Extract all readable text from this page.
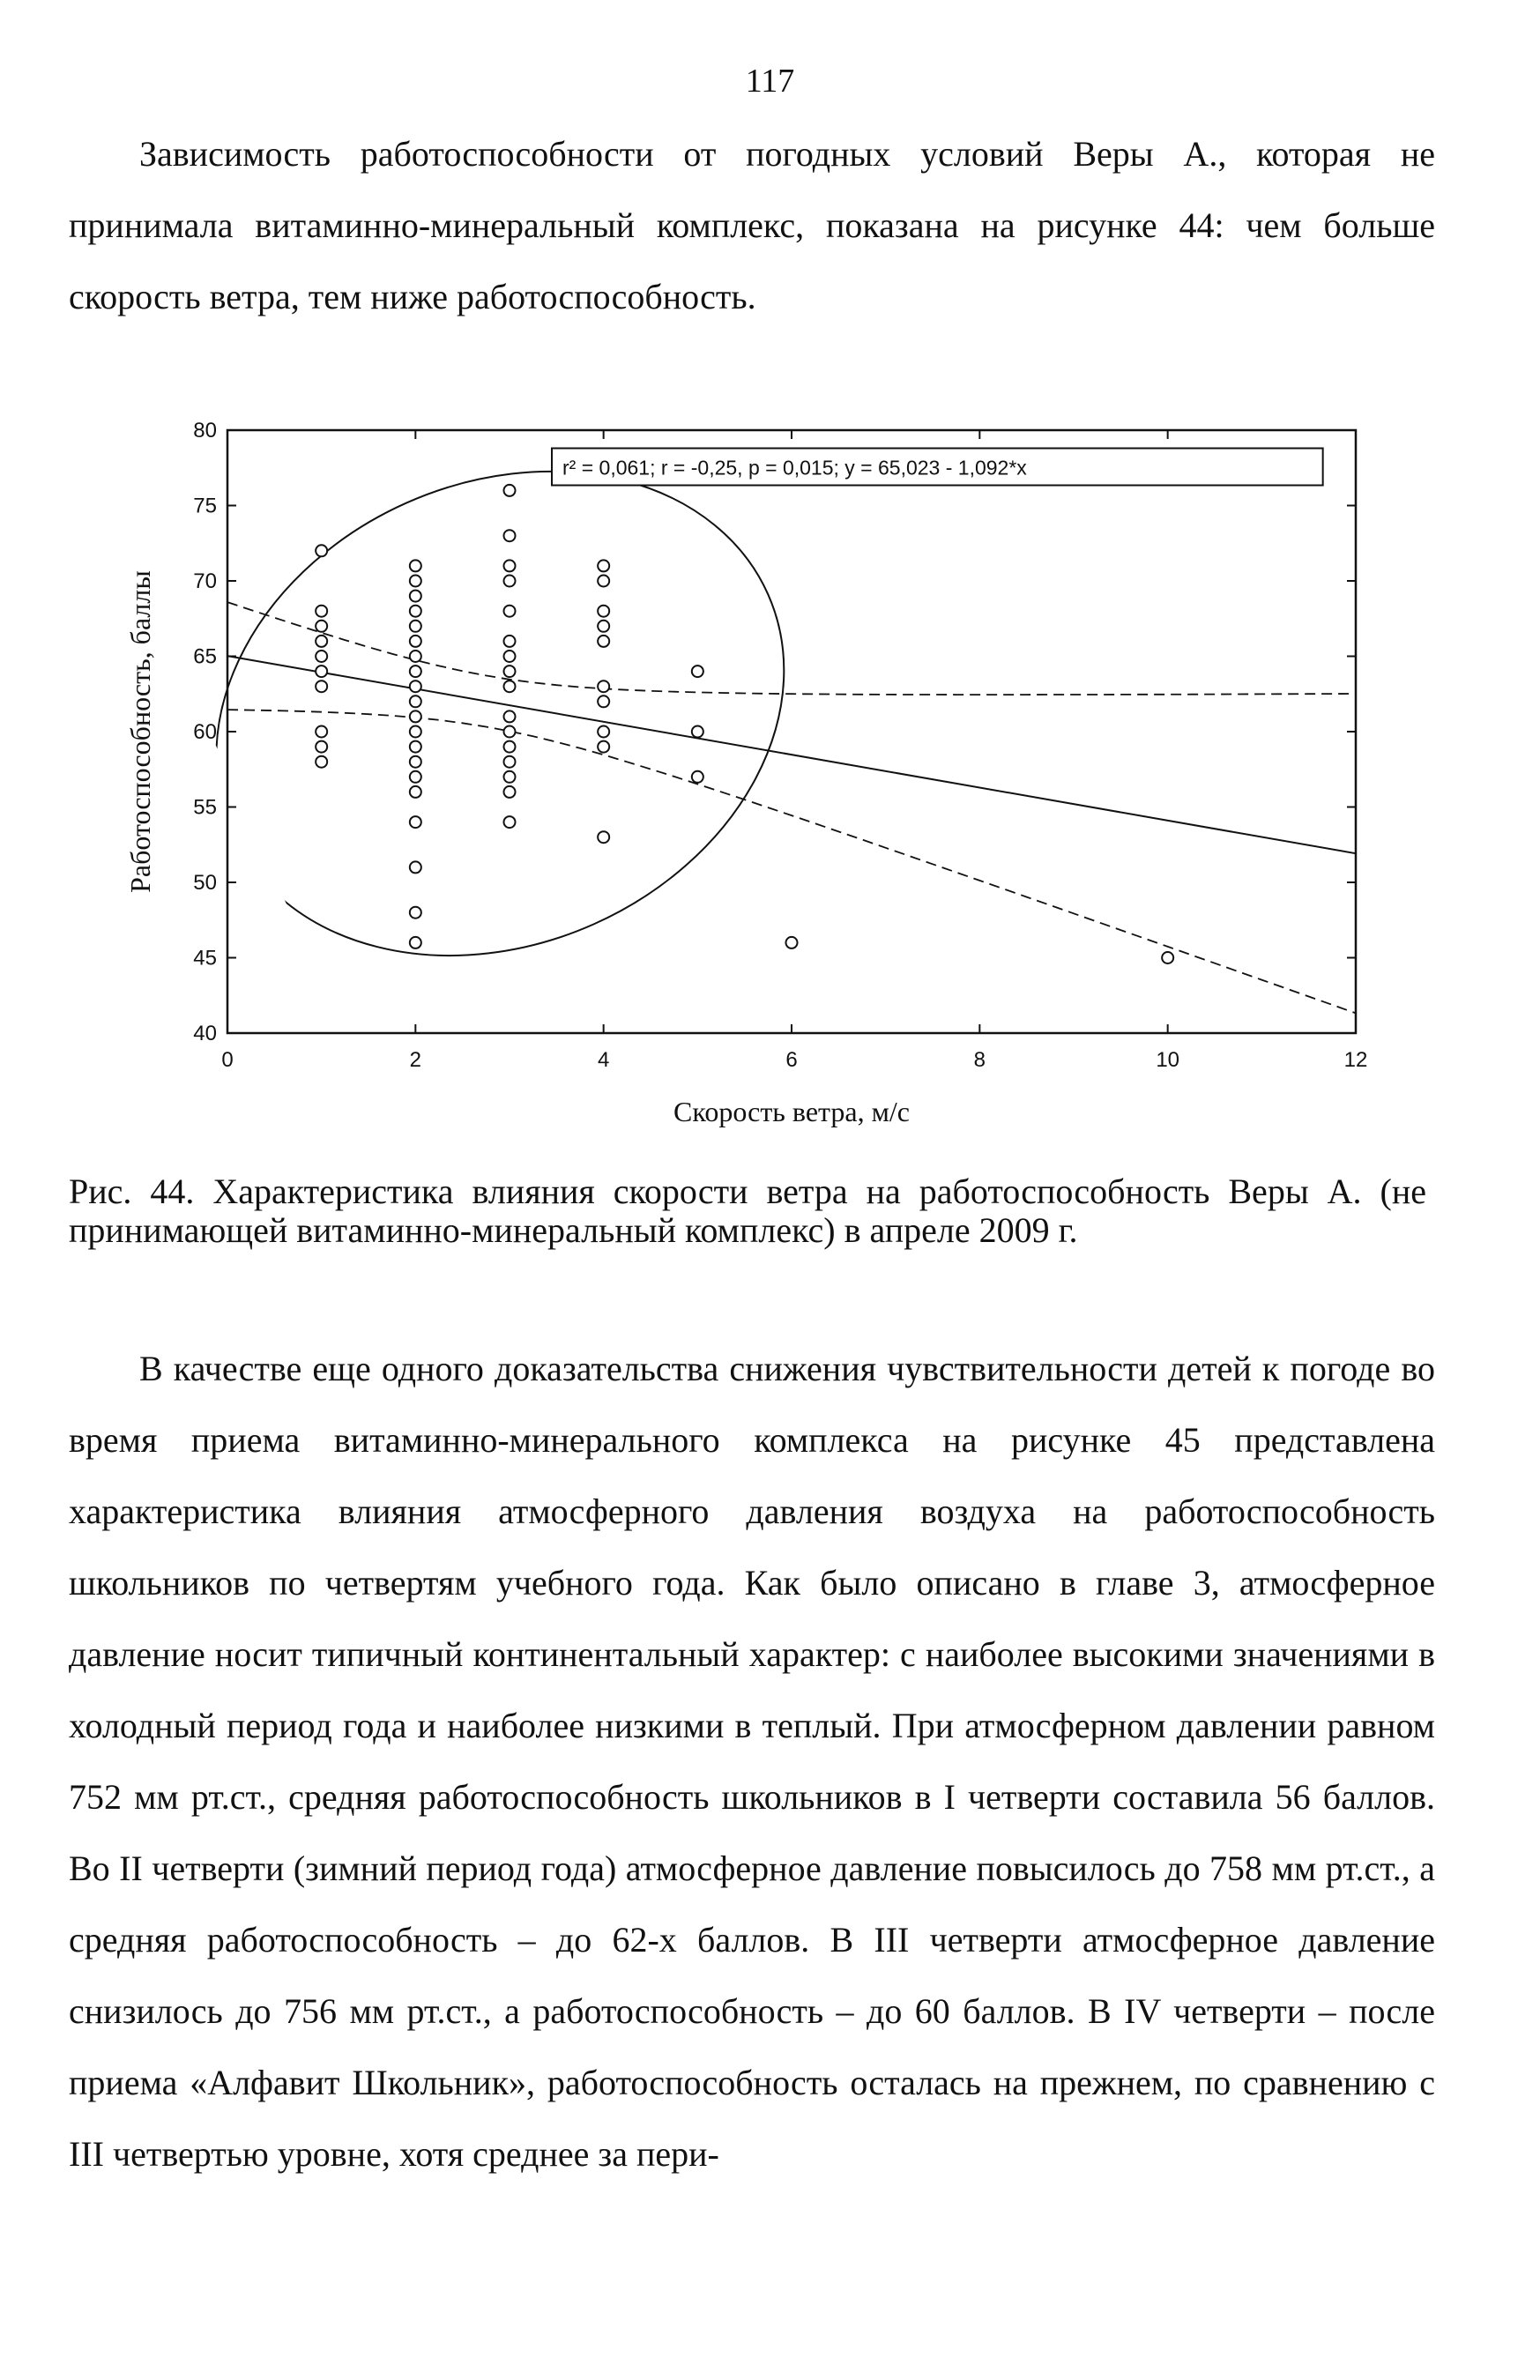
117

Зависимость работоспособности от погодных условий Веры А., которая не принимала витаминно-минеральный комплекс, показана на рисунке 44: чем больше скорость ветра, тем ниже работоспособность.

0	2	4	6	8	10	12
40
45
50
55
60
65
70
75
80
Скорость ветра, м/с
Работоспособность, баллы
r² = 0,061; r = -0,25, p = 0,015; y = 65,023 - 1,092*x
Рис. 44. Характеристика влияния скорости ветра на работоспособность Веры А. (не принимающей витаминно-минеральный комплекс) в апреле 2009 г.

В качестве еще одного доказательства снижения чувствительности детей к погоде во время приема витаминно-минерального комплекса на рисунке 45 представлена характеристика влияния атмосферного давления воздуха на работоспособность школьников по четвертям учебного года. Как было описано в главе 3, атмосферное давление носит типичный континентальный характер: с наиболее высокими значениями в холодный период года и наиболее низкими в теплый. При атмосферном давлении равном 752 мм рт.ст., средняя работоспособность школьников в I четверти составила 56 баллов. Во II четверти (зимний период года) атмосферное давление повысилось до 758 мм рт.ст., а средняя работоспособность – до 62-х баллов. В III четверти атмосферное давление снизилось до 756 мм рт.ст., а работоспособность – до 60 баллов. В IV четверти – после приема «Алфавит Школьник», работоспособность осталась на прежнем, по сравнению с III четвертью уровне, хотя среднее за пери-
